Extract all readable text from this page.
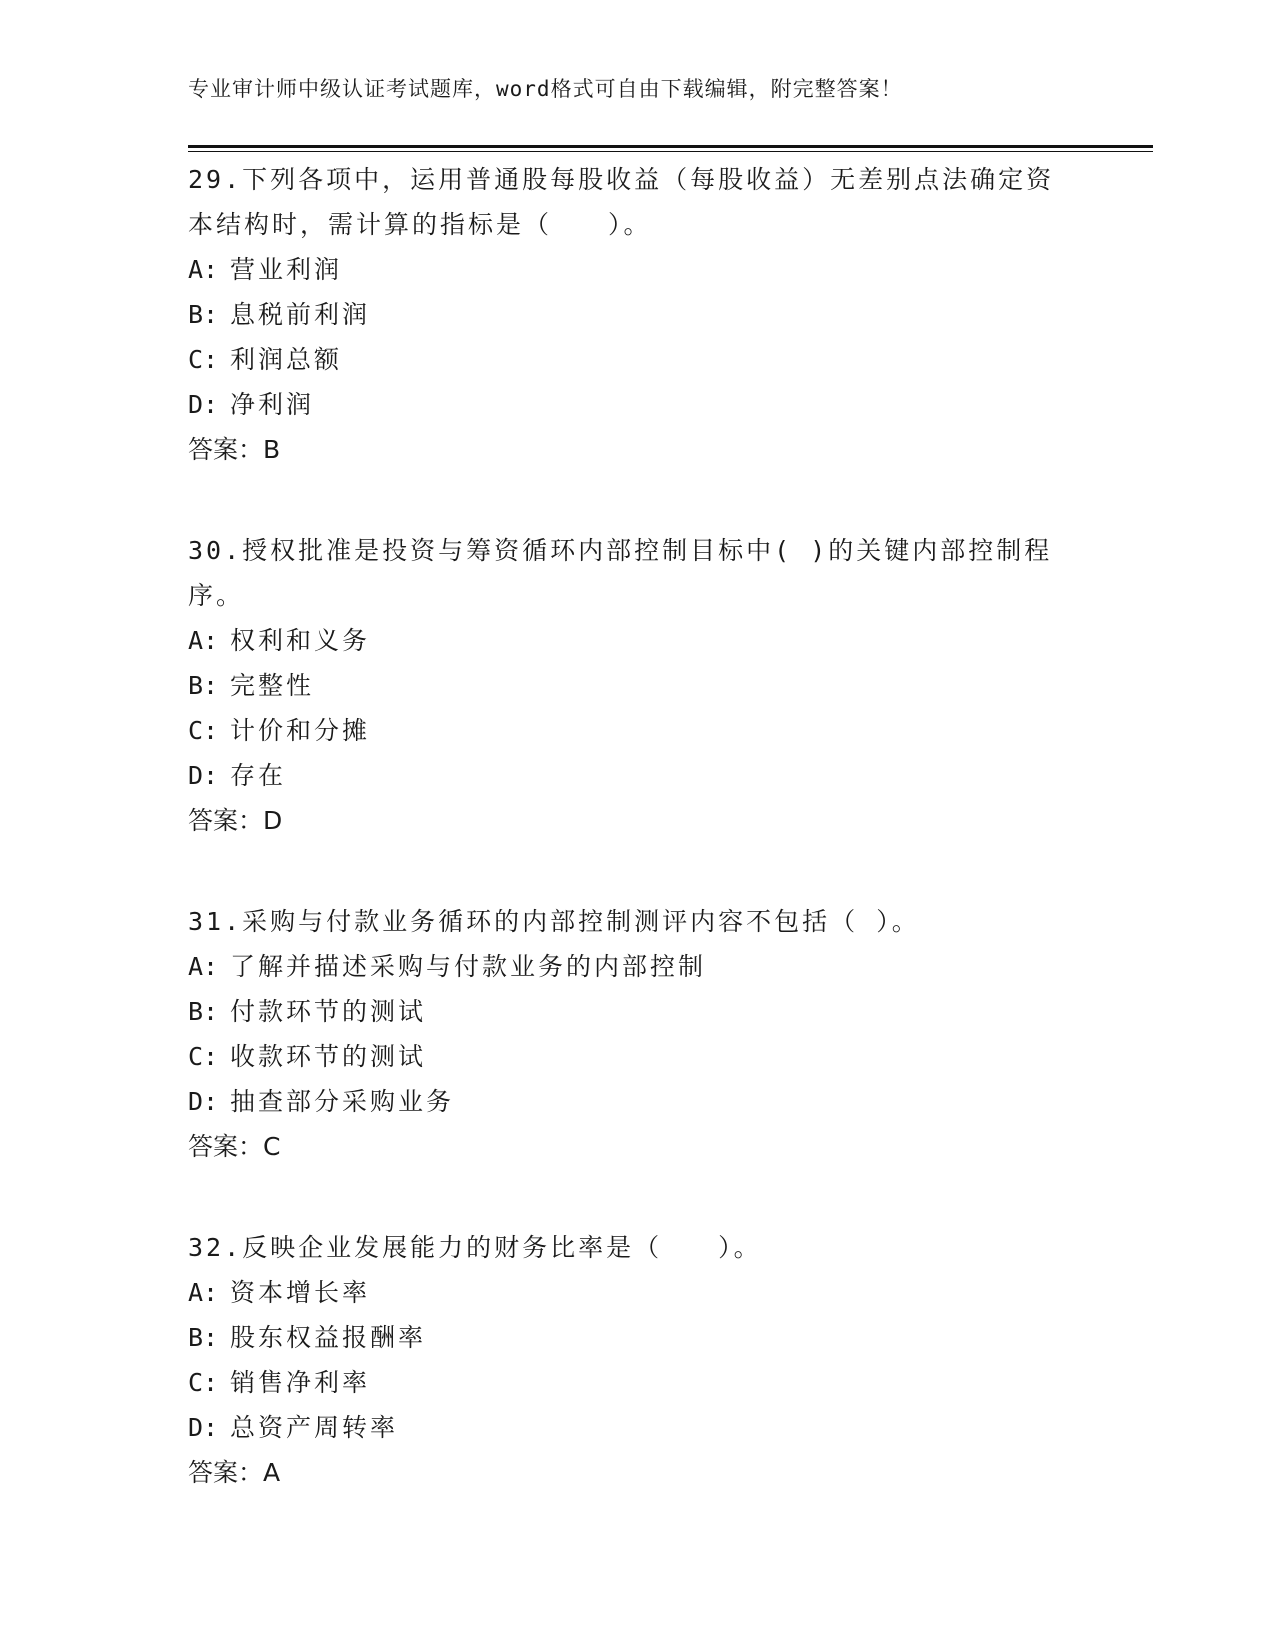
专业审计师中级认证考试题库，word格式可自由下载编辑，附完整答案！

29.下列各项中，运用普通股每股收益（每股收益）无差别点法确定资本结构时，需计算的指标是（　　）。

A: 营业利润
B: 息税前利润
C: 利润总额
D: 净利润
答案：B

30.授权批准是投资与筹资循环内部控制目标中( )的关键内部控制程序。

A: 权利和义务
B: 完整性
C: 计价和分摊
D: 存在
答案：D

31.采购与付款业务循环的内部控制测评内容不包括（ ）。

A: 了解并描述采购与付款业务的内部控制
B: 付款环节的测试
C: 收款环节的测试
D: 抽查部分采购业务
答案：C

32.反映企业发展能力的财务比率是（　　）。

A: 资本增长率
B: 股东权益报酬率
C: 销售净利率
D: 总资产周转率
答案：A
